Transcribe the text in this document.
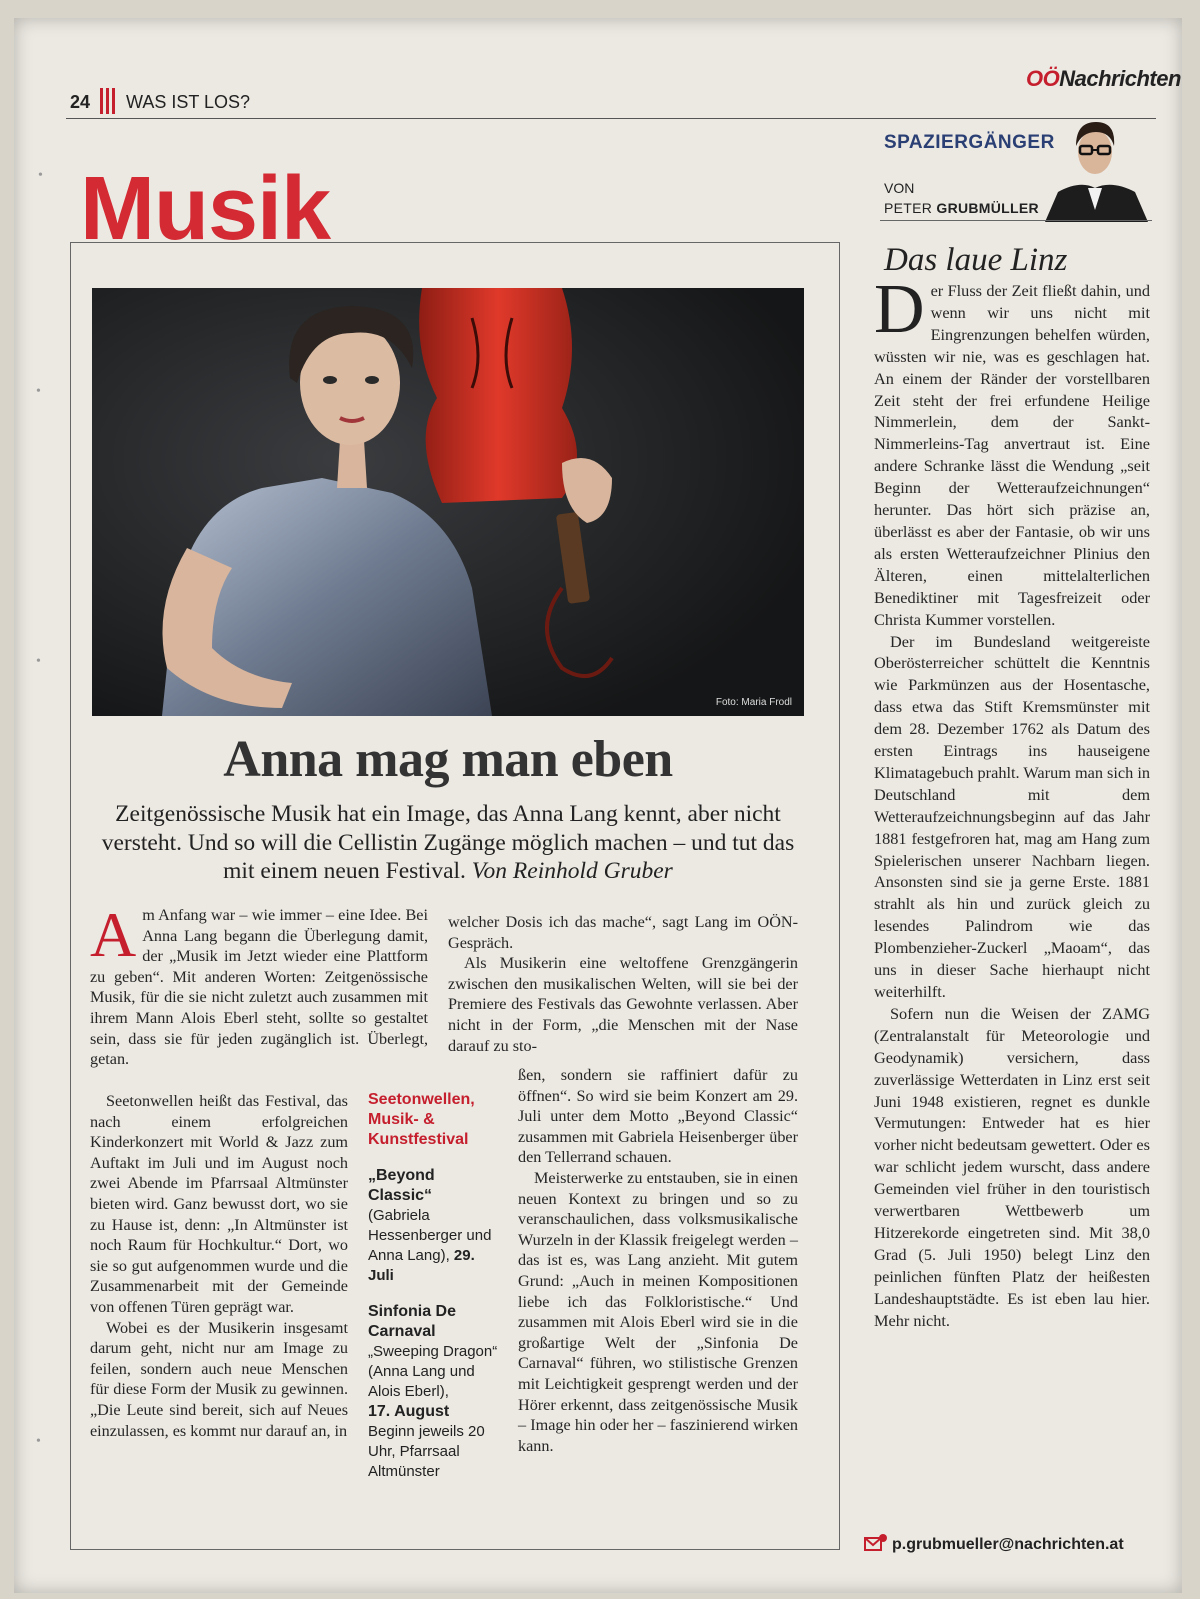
•
•
•
•
24 WAS IST LOS?
OÖNachrichten
Musik
SPAZIERGÄNGER
VON
PETER GRUBMÜLLER
Das laue Linz

Der Fluss der Zeit fließt dahin, und wenn wir uns nicht mit Eingrenzungen behelfen würden, wüssten wir nie, was es geschlagen hat. An einem der Ränder der vorstellbaren Zeit steht der frei erfundene Heilige Nimmerlein, dem der Sankt-Nimmerleins-Tag anvertraut ist. Eine andere Schranke lässt die Wendung „seit Beginn der Wetteraufzeichnungen“ herunter. Das hört sich präzise an, überlässt es aber der Fantasie, ob wir uns als ersten Wetteraufzeichner Plinius den Älteren, einen mittelalterlichen Benediktiner mit Tagesfreizeit oder Christa Kummer vorstellen.

Der im Bundesland weitgereiste Oberösterreicher schüttelt die Kenntnis wie Parkmünzen aus der Hosentasche, dass etwa das Stift Kremsmünster mit dem 28. Dezember 1762 als Datum des ersten Eintrags ins hauseigene Klimatagebuch prahlt. Warum man sich in Deutschland mit dem Wetteraufzeichnungsbeginn auf das Jahr 1881 festgefroren hat, mag am Hang zum Spielerischen unserer Nachbarn liegen. Ansonsten sind sie ja gerne Erste. 1881 strahlt als hin und zurück gleich zu lesendes Palindrom wie das Plombenzieher-Zuckerl „Maoam“, das uns in dieser Sache hierhaupt nicht weiterhilft.

Sofern nun die Weisen der ZAMG (Zentralanstalt für Meteorologie und Geodynamik) versichern, dass zuverlässige Wetterdaten in Linz erst seit Juni 1948 existieren, regnet es dunkle Vermutungen: Entweder hat es hier vorher nicht bedeutsam gewettert. Oder es war schlicht jedem wurscht, dass andere Gemeinden viel früher in den touristisch verwertbaren Wettbewerb um Hitzerekorde eingetreten sind. Mit 38,0 Grad (5. Juli 1950) belegt Linz den peinlichen fünften Platz der heißesten Landeshauptstädte. Es ist eben lau hier. Mehr nicht.

p.grubmueller@nachrichten.at
Foto: Maria Frodl
Anna mag man eben
Zeitgenössische Musik hat ein Image, das Anna Lang kennt, aber nicht versteht. Und so will die Cellistin Zugänge möglich machen – und tut das mit einem neuen Festival. Von Reinhold Gruber

Am Anfang war – wie immer – eine Idee. Bei Anna Lang begann die Überlegung damit, der „Musik im Jetzt wieder eine Plattform zu geben“. Mit anderen Worten: Zeitgenössische Musik, für die sie nicht zuletzt auch zusammen mit ihrem Mann Alois Eberl steht, sollte so gestaltet sein, dass sie für jeden zugänglich ist. Überlegt, getan.

Seetonwellen heißt das Festival, das nach einem erfolgreichen Kinderkonzert mit World & Jazz zum Auftakt im Juli und im August noch zwei Abende im Pfarrsaal Altmünster bieten wird. Ganz bewusst dort, wo sie zu Hause ist, denn: „In Altmünster ist noch Raum für Hochkultur.“ Dort, wo sie so gut aufgenommen wurde und die Zusammenarbeit mit der Gemeinde von offenen Türen geprägt war.

Wobei es der Musikerin insgesamt darum geht, nicht nur am Image zu feilen, sondern auch neue Menschen für diese Form der Musik zu gewinnen. „Die Leute sind bereit, sich auf Neues einzulassen, es kommt nur darauf an, in

Seetonwellen, Musik- & Kunstfestival
„Beyond Classic“
(Gabriela Hessenberger und Anna Lang), 29. Juli
Sinfonia De Carnaval
„Sweeping Dragon“ (Anna Lang und Alois Eberl),
17. August
Beginn jeweils 20 Uhr, Pfarrsaal Altmünster

welcher Dosis ich das mache“, sagt Lang im OÖN-Gespräch.

Als Musikerin eine weltoffene Grenzgängerin zwischen den musikalischen Welten, will sie bei der Premiere des Festivals das Gewohnte verlassen. Aber nicht in der Form, „die Menschen mit der Nase darauf zu sto-

ßen, sondern sie raffiniert dafür zu öffnen“. So wird sie beim Konzert am 29. Juli unter dem Motto „Beyond Classic“ zusammen mit Gabriela Heisenberger über den Tellerrand schauen.

Meisterwerke zu entstauben, sie in einen neuen Kontext zu bringen und so zu veranschaulichen, dass volksmusikalische Wurzeln in der Klassik freigelegt werden – das ist es, was Lang anzieht. Mit gutem Grund: „Auch in meinen Kompositionen liebe ich das Folkloristische.“ Und zusammen mit Alois Eberl wird sie in die großartige Welt der „Sinfonia De Carnaval“ führen, wo stilistische Grenzen mit Leichtigkeit gesprengt werden und der Hörer erkennt, dass zeitgenössische Musik – Image hin oder her – faszinierend wirken kann.
